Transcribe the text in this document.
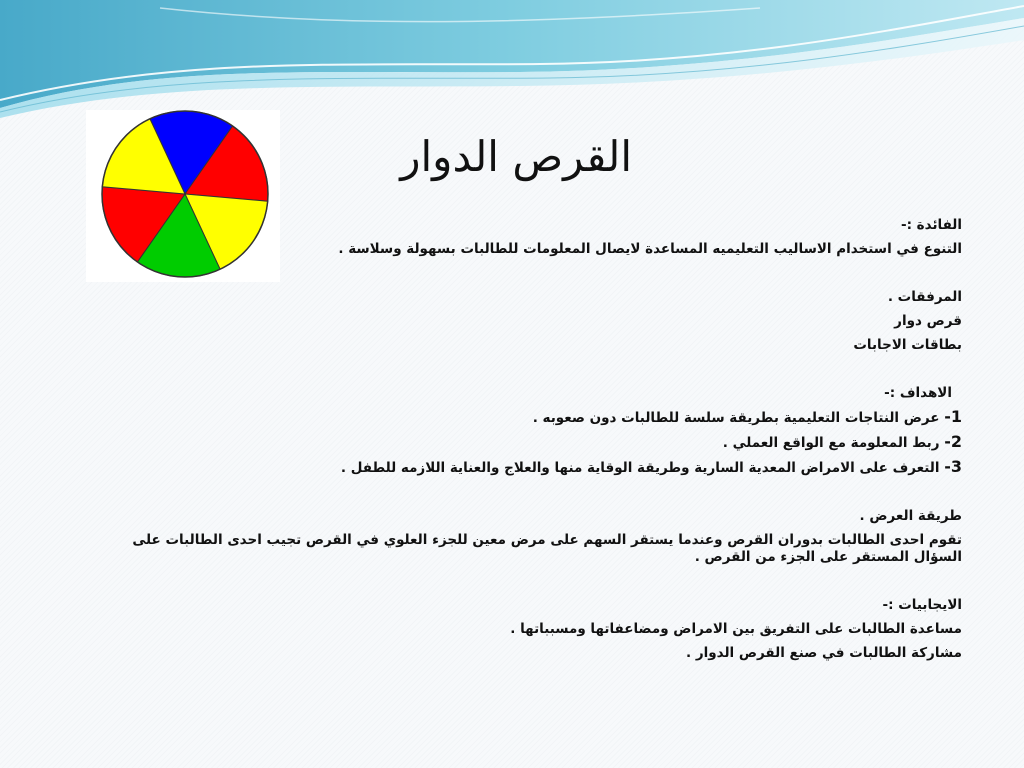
القرص الدوار

الفائدة :-

التنوع في استخدام الاساليب التعليميه المساعدة لايصال المعلومات للطالبات بسهولة وسلاسة .

المرفقات .

قرص دوار

بطاقات الاجابات

الاهداف :-

1- عرض النتاجات التعليمية بطريقة سلسة للطالبات دون صعوبه .

2- ربط المعلومة مع الواقع العملي .

3- التعرف على الامراض المعدية السارية وطريقة الوقاية منها والعلاج والعناية اللازمه للطفل .

طريقة العرض .

تقوم احدى الطالبات بدوران القرص وعندما يستقر السهم على مرض معين للجزء العلوي في القرص تجيب احدى الطالبات على السؤال المستقر على الجزء من القرص .

الايجابيات :-

مساعدة الطالبات على التفريق بين الامراض ومضاعفاتها ومسبباتها .

مشاركة الطالبات في صنع القرص الدوار .
